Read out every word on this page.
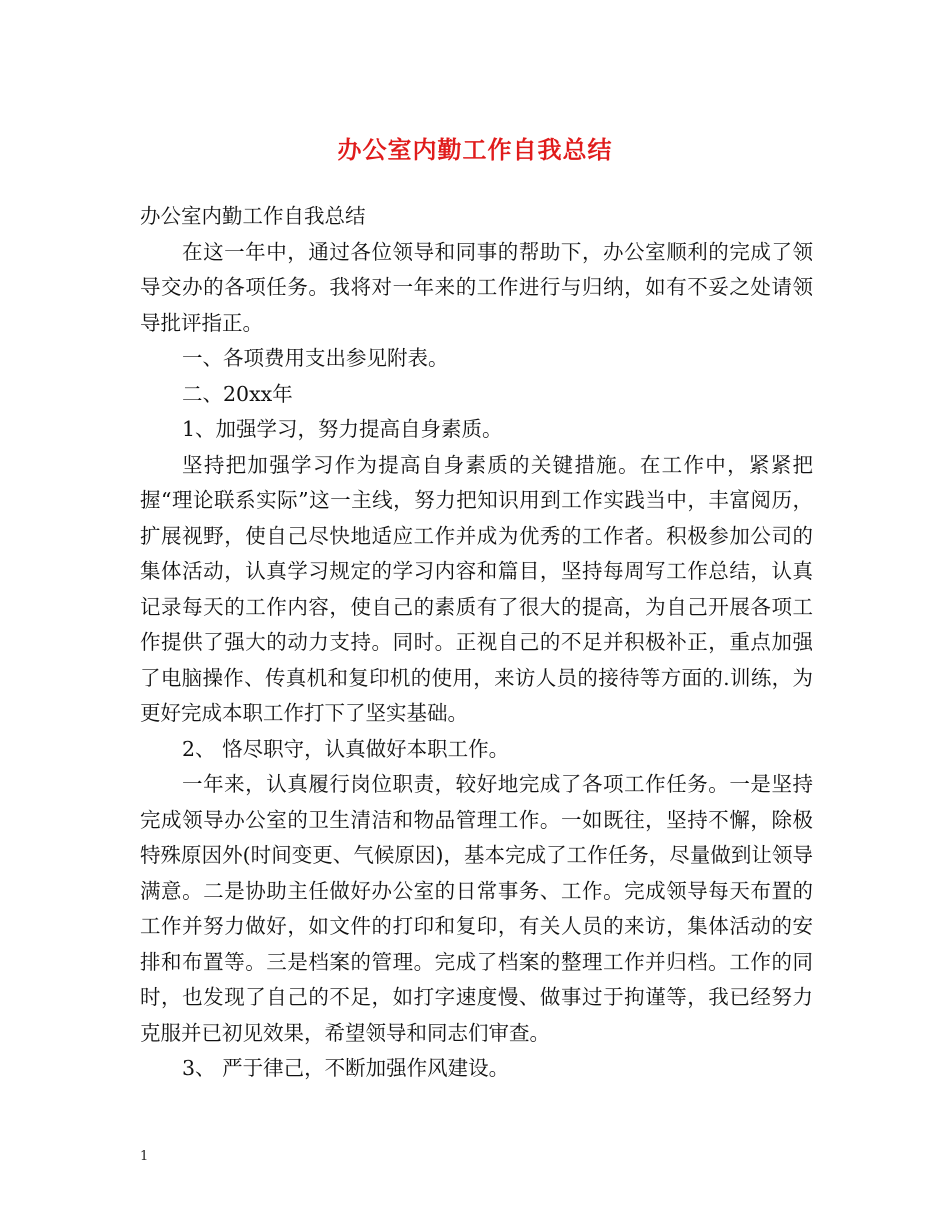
办公室内勤工作自我总结

办公室内勤工作自我总结

在这一年中，通过各位领导和同事的帮助下，办公室顺利的完成了领导交办的各项任务。我将对一年来的工作进行与归纳，如有不妥之处请领导批评指正。

一、各项费用支出参见附表。

二、20xx年

1、加强学习，努力提高自身素质。

坚持把加强学习作为提高自身素质的关键措施。在工作中，紧紧把握“理论联系实际”这一主线，努力把知识用到工作实践当中，丰富阅历，扩展视野，使自己尽快地适应工作并成为优秀的工作者。积极参加公司的集体活动，认真学习规定的学习内容和篇目，坚持每周写工作总结，认真记录每天的工作内容，使自己的素质有了很大的提高，为自己开展各项工作提供了强大的动力支持。同时。正视自己的不足并积极补正，重点加强了电脑操作、传真机和复印机的使用，来访人员的接待等方面的.训练，为更好完成本职工作打下了坚实基础。

2、 恪尽职守，认真做好本职工作。

一年来，认真履行岗位职责，较好地完成了各项工作任务。一是坚持完成领导办公室的卫生清洁和物品管理工作。一如既往，坚持不懈，除极特殊原因外(时间变更、气候原因)，基本完成了工作任务，尽量做到让领导满意。二是协助主任做好办公室的日常事务、工作。完成领导每天布置的工作并努力做好，如文件的打印和复印，有关人员的来访，集体活动的安排和布置等。三是档案的管理。完成了档案的整理工作并归档。工作的同时，也发现了自己的不足，如打字速度慢、做事过于拘谨等，我已经努力克服并已初见效果，希望领导和同志们审查。

3、 严于律己，不断加强作风建设。

1
